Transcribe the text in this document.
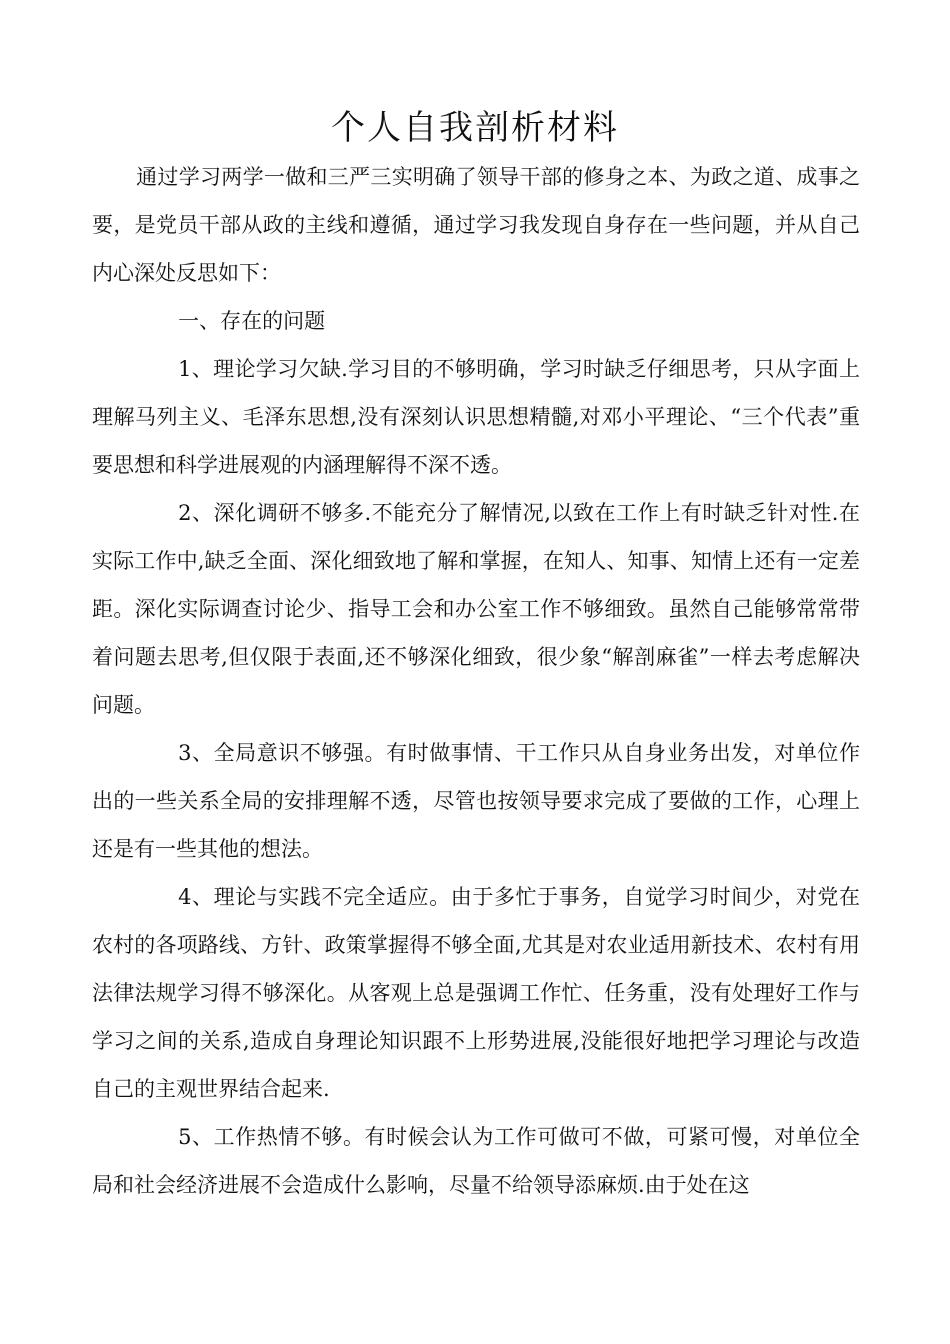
个人自我剖析材料

通过学习两学一做和三严三实明确了领导干部的修身之本、为政之道、成事之要，是党员干部从政的主线和遵循，通过学习我发现自身存在一些问题，并从自己内心深处反思如下：

一、存在的问题

1、理论学习欠缺.学习目的不够明确，学习时缺乏仔细思考，只从字面上理解马列主义、毛泽东思想,没有深刻认识思想精髓,对邓小平理论、“三个代表”重要思想和科学进展观的内涵理解得不深不透。

2、深化调研不够多.不能充分了解情况,以致在工作上有时缺乏针对性.在实际工作中,缺乏全面、深化细致地了解和掌握，在知人、知事、知情上还有一定差距。深化实际调查讨论少、指导工会和办公室工作不够细致。虽然自己能够常常带着问题去思考,但仅限于表面,还不够深化细致，很少象“解剖麻雀”一样去考虑解决问题。

3、全局意识不够强。有时做事情、干工作只从自身业务出发，对单位作出的一些关系全局的安排理解不透，尽管也按领导要求完成了要做的工作，心理上还是有一些其他的想法。

4、理论与实践不完全适应。由于多忙于事务，自觉学习时间少，对党在农村的各项路线、方针、政策掌握得不够全面,尤其是对农业适用新技术、农村有用法律法规学习得不够深化。从客观上总是强调工作忙、任务重，没有处理好工作与学习之间的关系,造成自身理论知识跟不上形势进展,没能很好地把学习理论与改造自己的主观世界结合起来.

5、工作热情不够。有时候会认为工作可做可不做，可紧可慢，对单位全局和社会经济进展不会造成什么影响，尽量不给领导添麻烦.由于处在这
